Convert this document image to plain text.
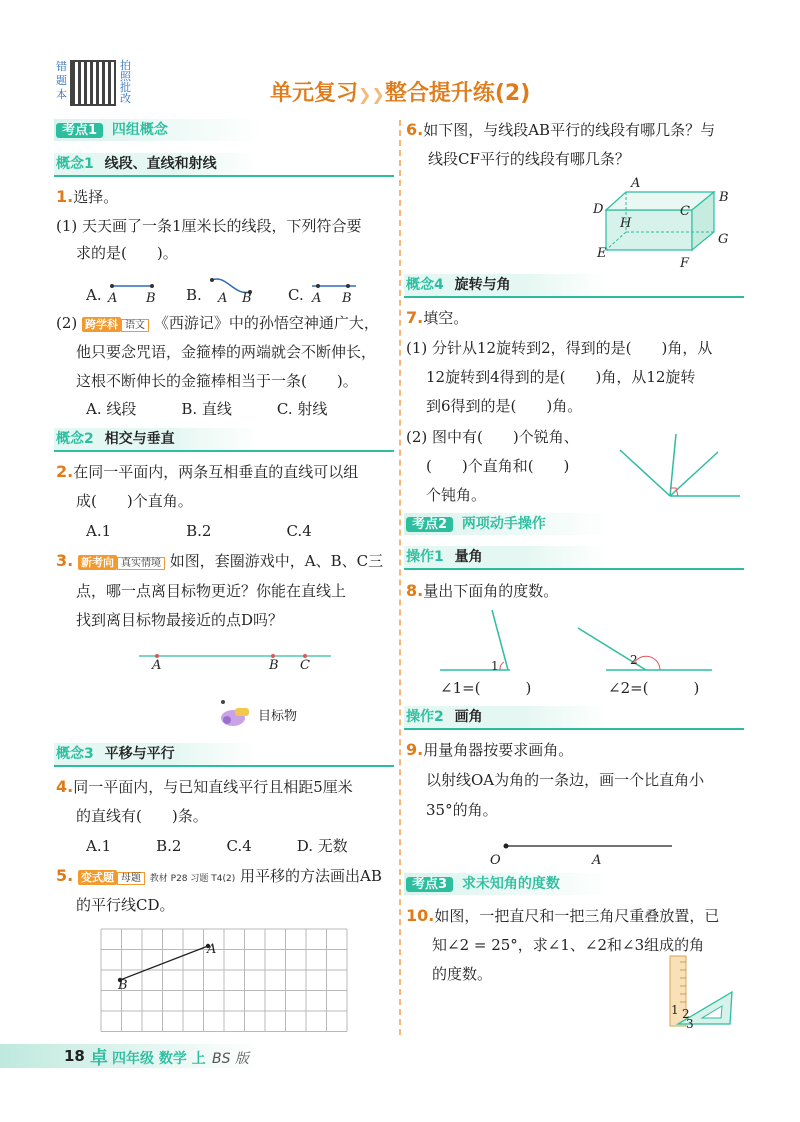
错题本
拍照批改	单元复习❯❯整合提升练(2)
考点1 四组概念
概念1 线段、直线和射线
1.选择。
(1) 天天画了一条1厘米长的线段，下列符合要
求的是(　　)。
A. A B B. A B C. A B
(2) 跨学科 语文 《西游记》中的孙悟空神通广大，
他只要念咒语，金箍棒的两端就会不断伸长，
这根不断伸长的金箍棒相当于一条(　　)。
A. 线段　　　B. 直线　　　C. 射线
概念2 相交与垂直
2.在同一平面内，两条互相垂直的直线可以组
成(　　)个直角。
A.1　　　　　B.2　　　　　C.4
3. 新考向 真实情境 如图，套圈游戏中，A、B、C三
点，哪一点离目标物更近？你能在直线上
找到离目标物最接近的点D吗？
A	B C
目标物
概念3 平移与平行
4.同一平面内，与已知直线平行且相距5厘米
的直线有(　　)条。
A.1　　　B.2　　　C.4　　　D. 无数
5. 变式题 母题 教材 P28 习题 T4(2) 用平移的方法画出AB
的平行线CD。
A
B
6.如下图，与线段AB平行的线段有哪几条？与
线段CF平行的线段有哪几条？
A
B
C
D
H
G
E
F
概念4 旋转与角
7.填空。
(1) 分针从12旋转到2，得到的是(　　)角，从
12旋转到4得到的是(　　)角，从12旋转
到6得到的是(　　)角。
(2) 图中有(　　)个锐角、
(　　)个直角和(　　)
个钝角。
考点2 两项动手操作
操作1 量角
8.量出下面角的度数。
1
∠1=(　　　)
2
∠2=(　　　)
操作2 画角
9.用量角器按要求画角。
以射线OA为角的一条边，画一个比直角小
35°的角。
O	A
考点3 求未知角的度数
10.如图，一把直尺和一把三角尺重叠放置，已
知∠2 = 25°，求∠1、∠2和∠3组成的角
的度数。
1 2
3
18 卓 四年级 数学 上 BS 版
